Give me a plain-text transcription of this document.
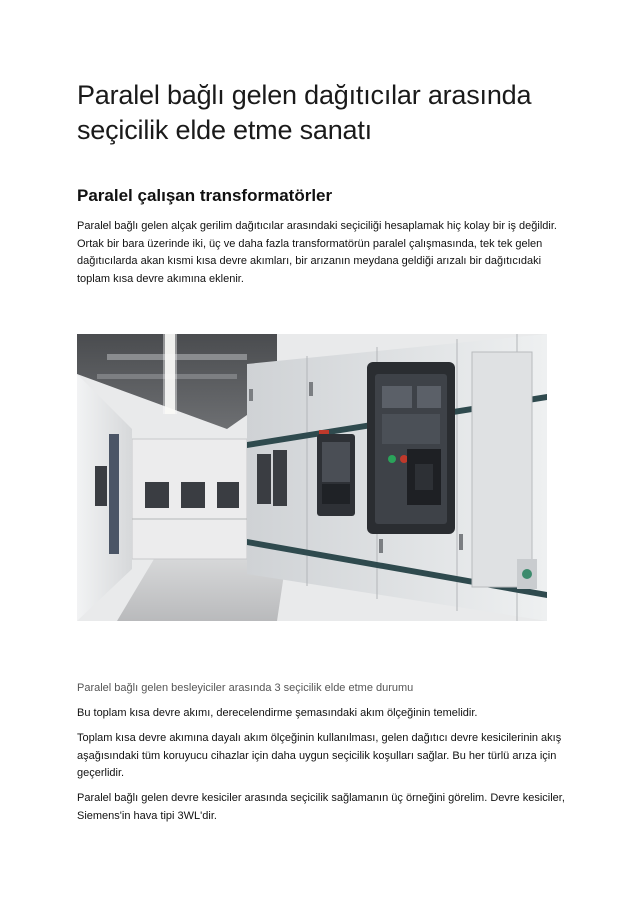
Paralel bağlı gelen dağıtıcılar arasında seçicilik elde etme sanatı
Paralel çalışan transformatörler

Paralel bağlı gelen alçak gerilim dağıtıcılar arasındaki seçiciliği hesaplamak hiç kolay bir iş değildir. Ortak bir bara üzerinde iki, üç ve daha fazla transformatörün paralel çalışmasında, tek tek gelen dağıtıcılarda akan kısmi kısa devre akımları, bir arızanın meydana geldiği arızalı bir dağıtıcıdaki toplam kısa devre akımına eklenir.

Paralel bağlı gelen besleyiciler arasında 3 seçicilik elde etme durumu

Bu toplam kısa devre akımı, derecelendirme şemasındaki akım ölçeğinin temelidir.

Toplam kısa devre akımına dayalı akım ölçeğinin kullanılması, gelen dağıtıcı devre kesicilerinin akış aşağısındaki tüm koruyucu cihazlar için daha uygun seçicilik koşulları sağlar. Bu her türlü arıza için geçerlidir.

Paralel bağlı gelen devre kesiciler arasında seçicilik sağlamanın üç örneğini görelim. Devre kesiciler, Siemens'in hava tipi 3WL'dir.
